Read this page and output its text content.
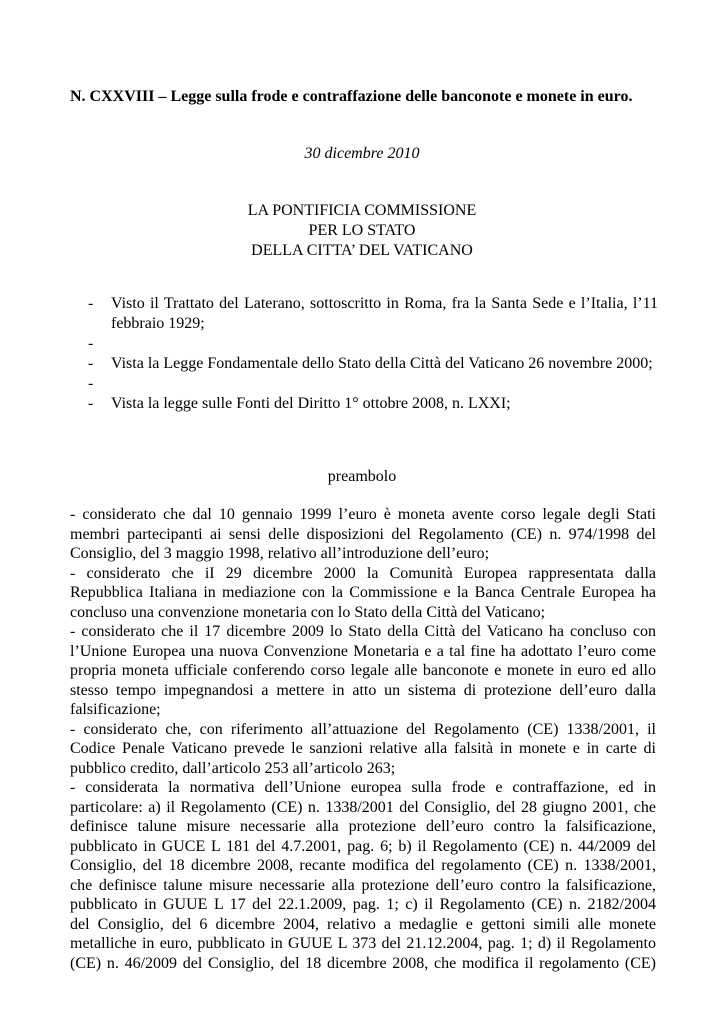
N. CXXVIII – Legge sulla frode e contraffazione delle banconote e monete in euro.
30 dicembre 2010
LA PONTIFICIA COMMISSIONE
PER LO STATO
DELLA CITTA’ DEL VATICANO
- Visto il Trattato del Laterano, sottoscritto in Roma, fra la Santa Sede e l’Italia, l’11 febbraio 1929;
-
- Vista la Legge Fondamentale dello Stato della Città del Vaticano 26 novembre 2000;
-
- Vista la legge sulle Fonti del Diritto 1° ottobre 2008, n. LXXI;
preambolo
- considerato che dal 10 gennaio 1999 l’euro è moneta avente corso legale degli Stati
membri partecipanti ai sensi delle disposizioni del Regolamento (CE) n. 974/1998 del
Consiglio, del 3 maggio 1998, relativo all’introduzione dell’euro;
- considerato che iI 29 dicembre 2000 la Comunità Europea rappresentata dalla
Repubblica Italiana in mediazione con la Commissione e la Banca Centrale Europea ha
concluso una convenzione monetaria con lo Stato della Città del Vaticano;
- considerato che il 17 dicembre 2009 lo Stato della Città del Vaticano ha concluso con
l’Unione Europea una nuova Convenzione Monetaria e a tal fine ha adottato l’euro come
propria moneta ufficiale conferendo corso legale alle banconote e monete in euro ed allo
stesso tempo impegnandosi a mettere in atto un sistema di protezione dell’euro dalla
falsificazione;
- considerato che, con riferimento all’attuazione del Regolamento (CE) 1338/2001, il
Codice Penale Vaticano prevede le sanzioni relative alla falsità in monete e in carte di
pubblico credito, dall’articolo 253 all’articolo 263;
- considerata la normativa dell’Unione europea sulla frode e contraffazione, ed in
particolare: a) il Regolamento (CE) n. 1338/2001 del Consiglio, del 28 giugno 2001, che
definisce talune misure necessarie alla protezione dell’euro contro la falsificazione,
pubblicato in GUCE L 181 del 4.7.2001, pag. 6; b) il Regolamento (CE) n. 44/2009 del
Consiglio, del 18 dicembre 2008, recante modifica del regolamento (CE) n. 1338/2001,
che definisce talune misure necessarie alla protezione dell’euro contro la falsificazione,
pubblicato in GUUE L 17 del 22.1.2009, pag. 1; c) il Regolamento (CE) n. 2182/2004
del Consiglio, del 6 dicembre 2004, relativo a medaglie e gettoni simili alle monete
metalliche in euro, pubblicato in GUUE L 373 del 21.12.2004, pag. 1; d) il Regolamento
(CE) n. 46/2009 del Consiglio, del 18 dicembre 2008, che modifica il regolamento (CE)
